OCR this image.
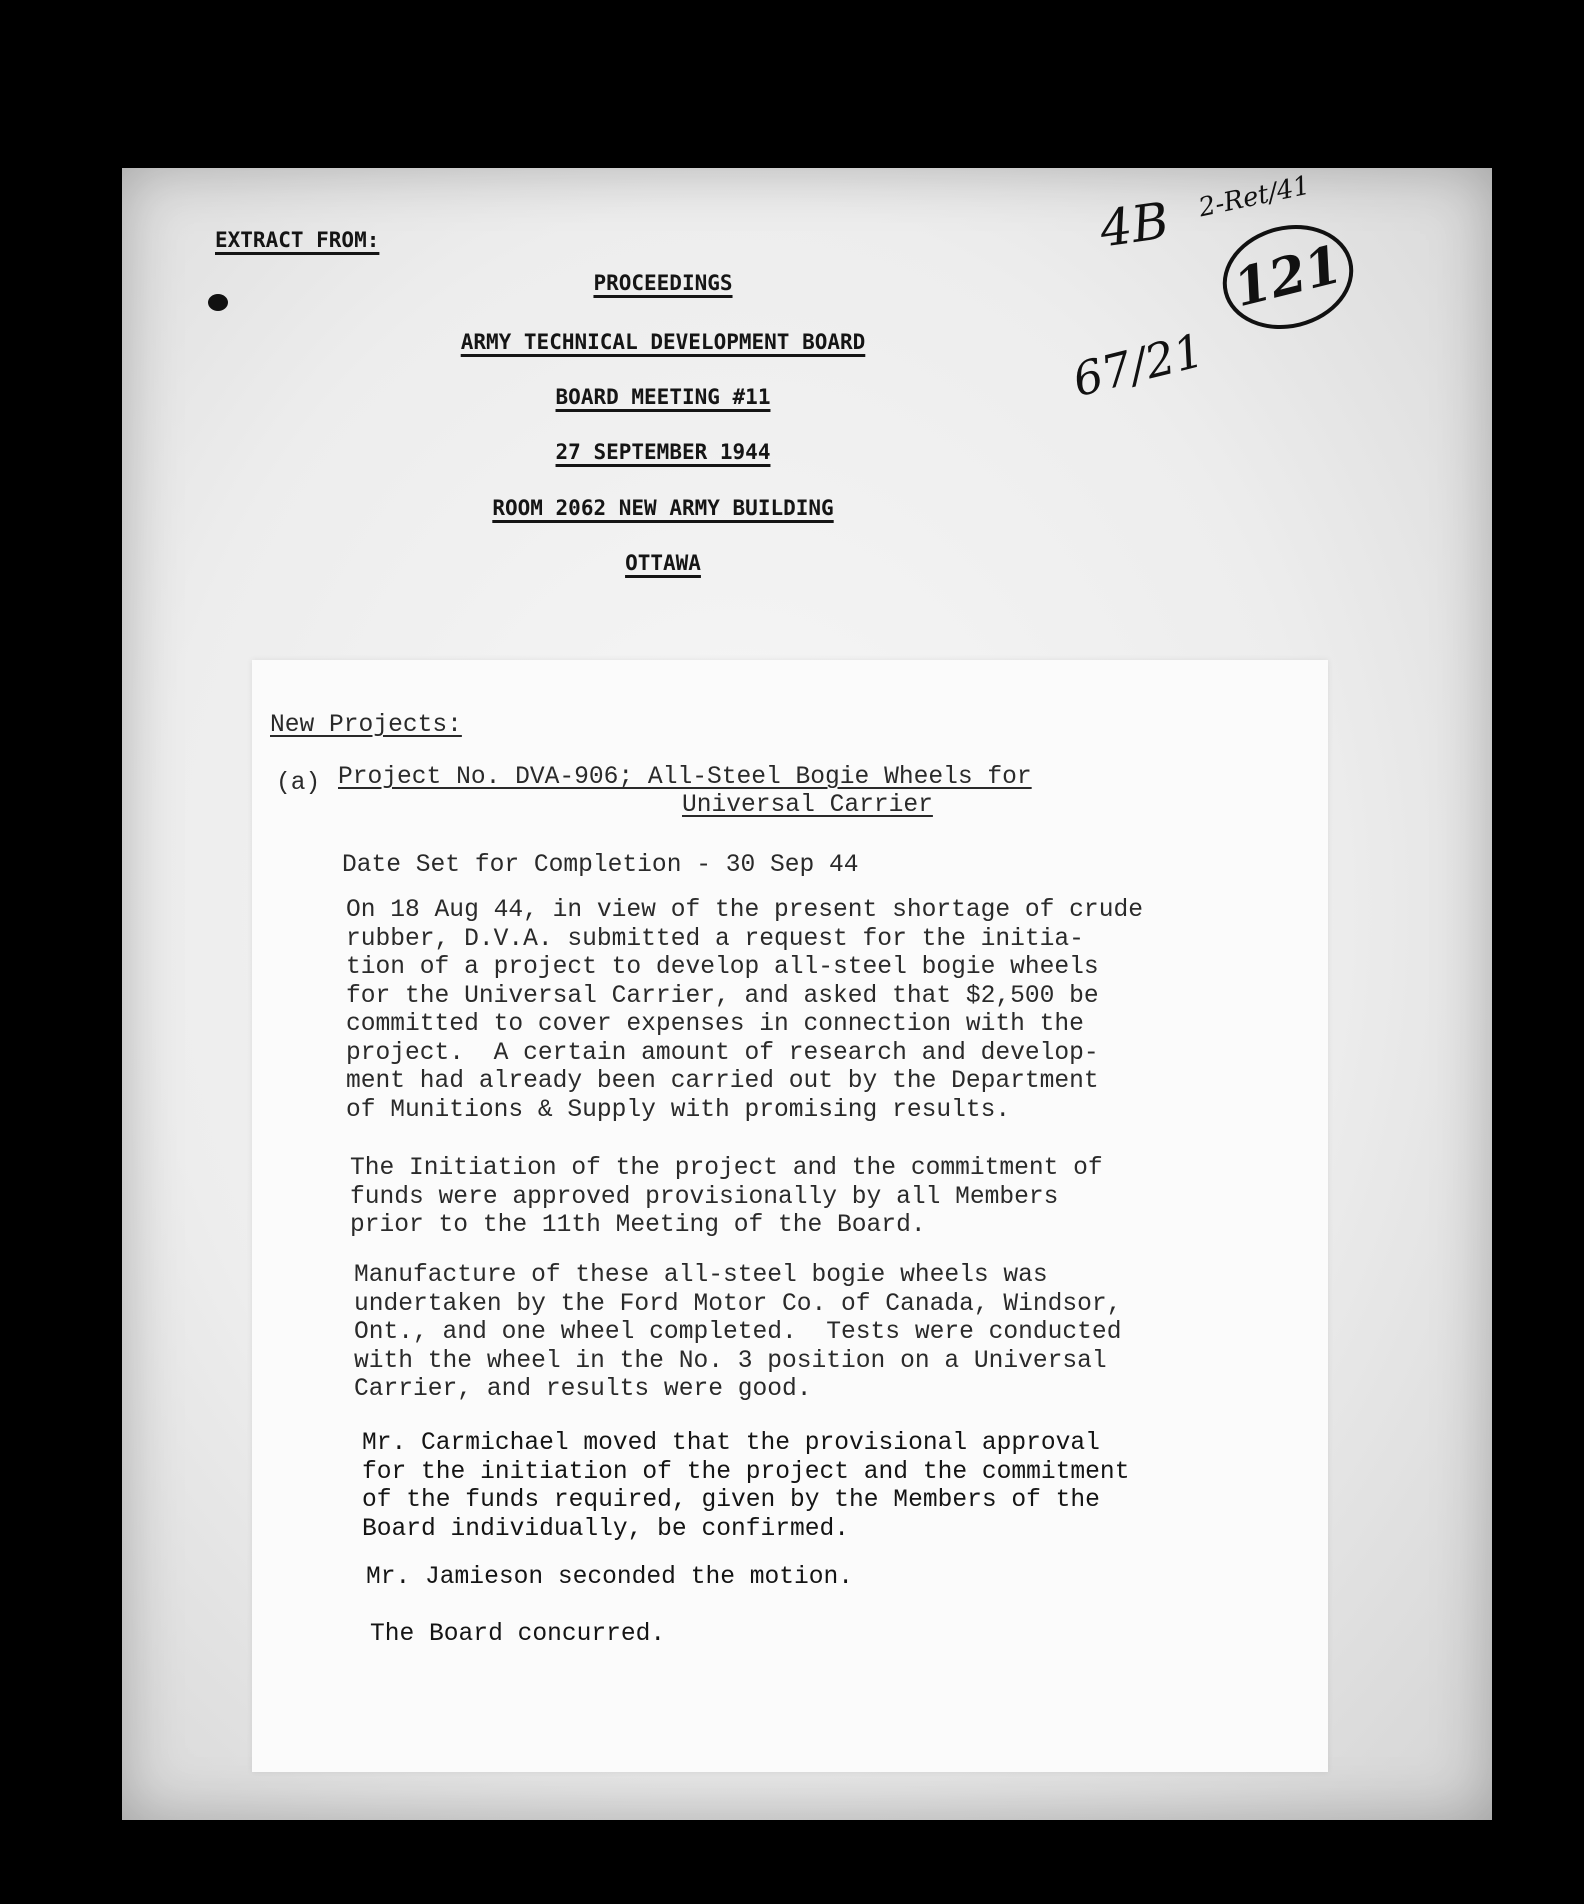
EXTRACT FROM:
PROCEEDINGS
ARMY TECHNICAL DEVELOPMENT BOARD
BOARD MEETING #11
27 SEPTEMBER 1944
ROOM 2062 NEW ARMY BUILDING
OTTAWA
4B 2-Ret/41
67/21
121
New Projects:
(a) Project No. DVA-906; All-Steel Bogie Wheels for
Universal Carrier
Date Set for Completion - 30 Sep 44
On 18 Aug 44, in view of the present shortage of crude
rubber, D.V.A. submitted a request for the initia-
tion of a project to develop all-steel bogie wheels
for the Universal Carrier, and asked that $2,500 be
committed to cover expenses in connection with the
project.  A certain amount of research and develop-
ment had already been carried out by the Department
of Munitions & Supply with promising results.
The Initiation of the project and the commitment of
funds were approved provisionally by all Members
prior to the 11th Meeting of the Board.
Manufacture of these all-steel bogie wheels was
undertaken by the Ford Motor Co. of Canada, Windsor,
Ont., and one wheel completed.  Tests were conducted
with the wheel in the No. 3 position on a Universal
Carrier, and results were good.
Mr. Carmichael moved that the provisional approval
for the initiation of the project and the commitment
of the funds required, given by the Members of the
Board individually, be confirmed.
Mr. Jamieson seconded the motion.
The Board concurred.
